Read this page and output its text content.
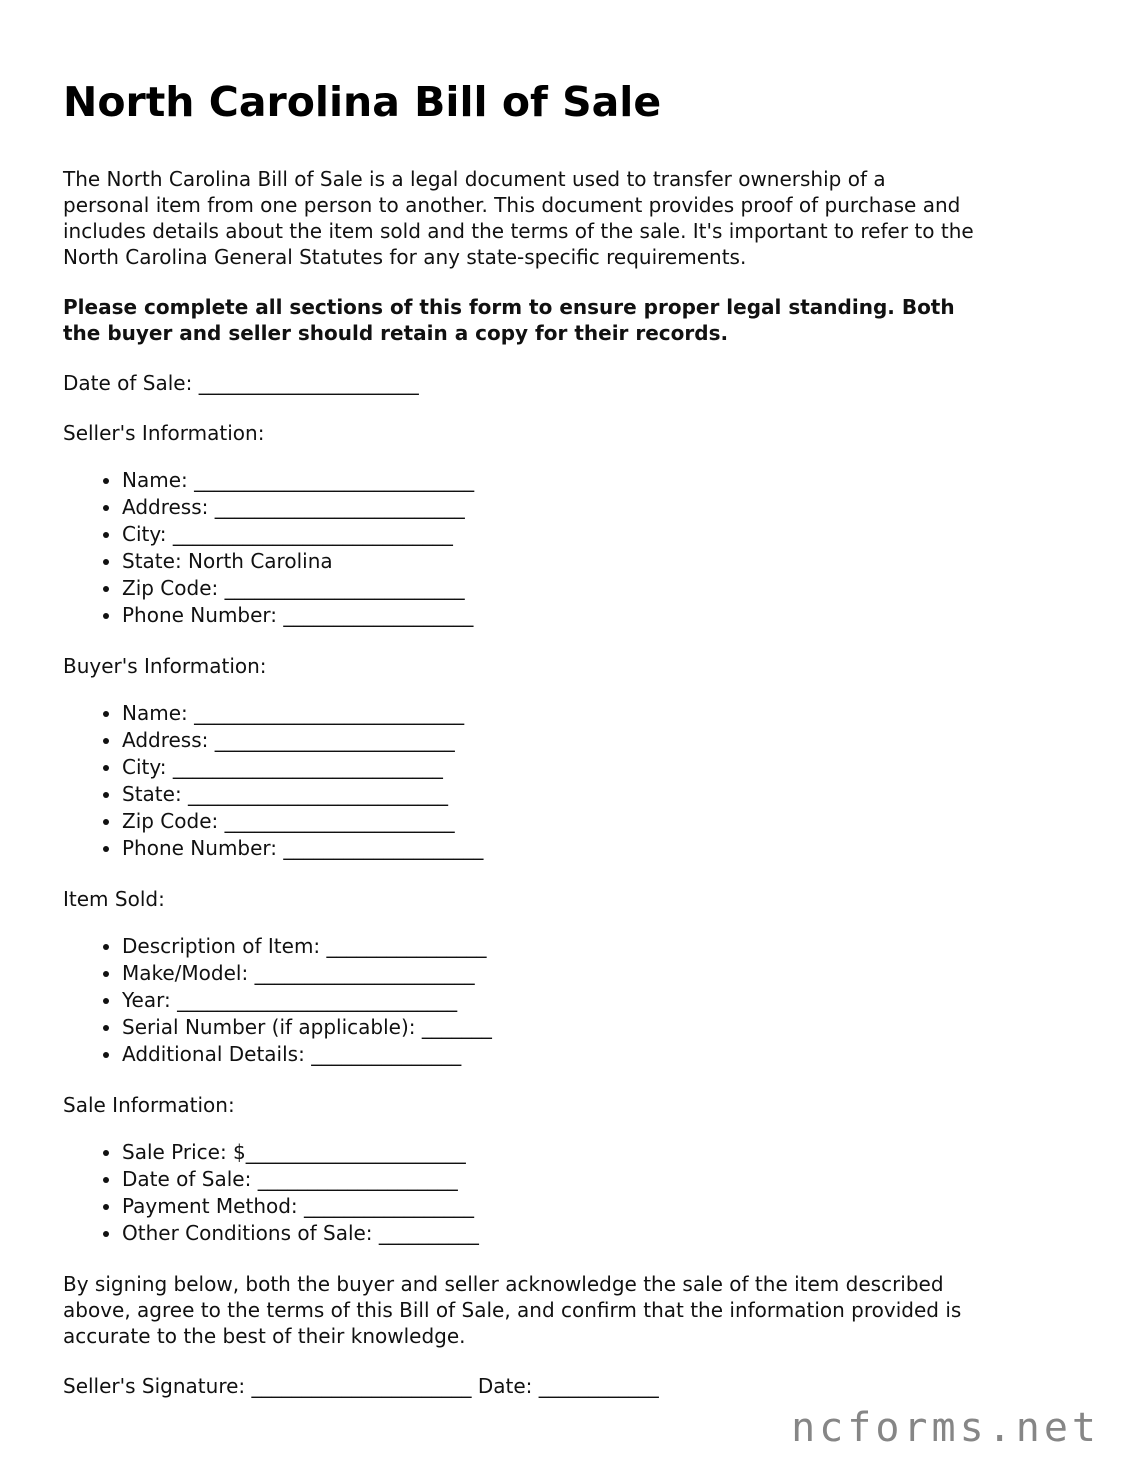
North Carolina Bill of Sale

The North Carolina Bill of Sale is a legal document used to transfer ownership of a
personal item from one person to another. This document provides proof of purchase and
includes details about the item sold and the terms of the sale. It's important to refer to the
North Carolina General Statutes for any state-specific requirements.

Please complete all sections of this form to ensure proper legal standing. Both
the buyer and seller should retain a copy for their records.

Date of Sale: ______________________

Seller's Information:

• Name: ____________________________
• Address: _________________________
• City: ____________________________
• State: North Carolina
• Zip Code: ________________________
• Phone Number: ___________________

Buyer's Information:

• Name: ___________________________
• Address: ________________________
• City: ___________________________
• State: __________________________
• Zip Code: _______________________
• Phone Number: ____________________

Item Sold:

• Description of Item: ________________
• Make/Model: ______________________
• Year: ____________________________
• Serial Number (if applicable): _______
• Additional Details: _______________

Sale Information:

• Sale Price: $______________________
• Date of Sale: ____________________
• Payment Method: _________________
• Other Conditions of Sale: __________

By signing below, both the buyer and seller acknowledge the sale of the item described
above, agree to the terms of this Bill of Sale, and confirm that the information provided is
accurate to the best of their knowledge.

Seller's Signature: ______________________ Date: ____________

ncforms.net
